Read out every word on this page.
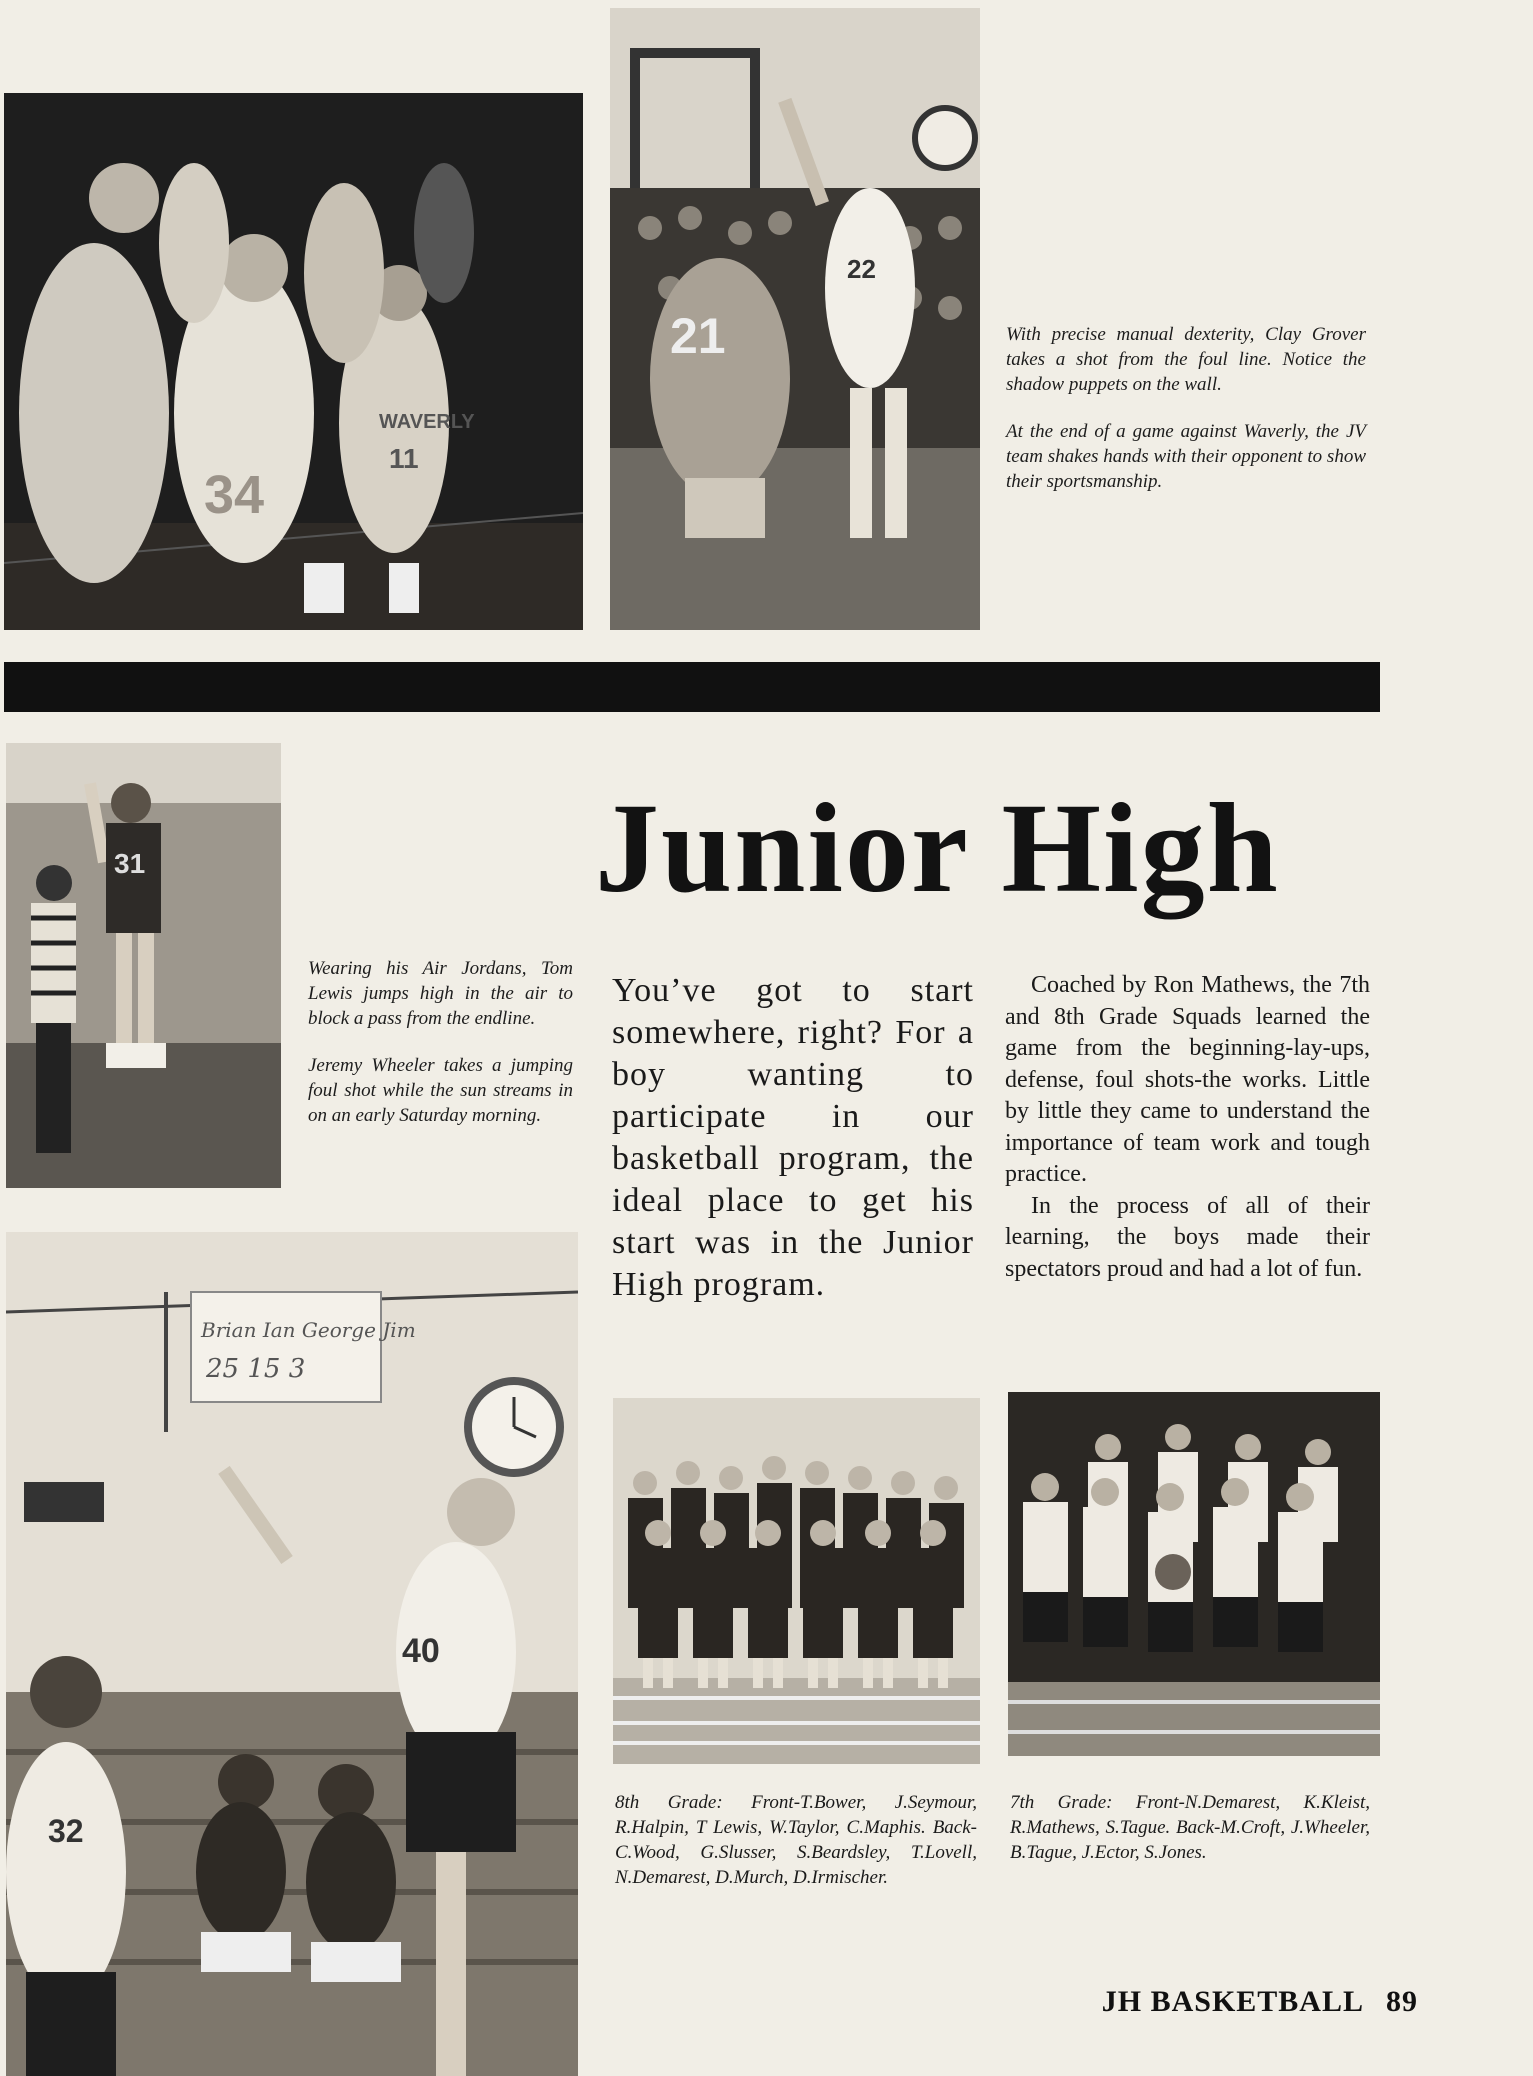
34
WAVERLY
11
22
21	With precise manual dexterity, Clay Grover takes a shot from the foul line. Notice the shadow puppets on the wall.

At the end of a game against Waverly, the JV team shakes hands with their opponent to show their sportsmanship.

31

Wearing his Air Jordans, Tom Lewis jumps high in the air to block a pass from the endline.

Jeremy Wheeler takes a jumping foul shot while the sun streams in on an early Saturday morning.

Brian Ian George Jim
25 15 3
40
32
Junior High
You’ve got to start somewhere, right? For a boy wanting to participate in our basketball program, the ideal place to get his start was in the Junior High program.

Coached by Ron Mathews, the 7th and 8th Grade Squads learned the game from the beginning-lay-ups, defense, foul shots-the works. Little by little they came to understand the importance of team work and tough practice.

In the process of all of their learning, the boys made their spectators proud and had a lot of fun.

8th Grade: Front-T.Bower, J.Seymour, R.Halpin, T Lewis, W.Taylor, C.Maphis. Back-C.Wood, G.Slusser, S.Beardsley, T.Lovell, N.Demarest, D.Murch, D.Irmischer.
7th Grade: Front-N.Demarest, K.Kleist, R.Mathews, S.Tague. Back-M.Croft, J.Wheeler, B.Tague, J.Ector, S.Jones.
JH BASKETBALL 89
